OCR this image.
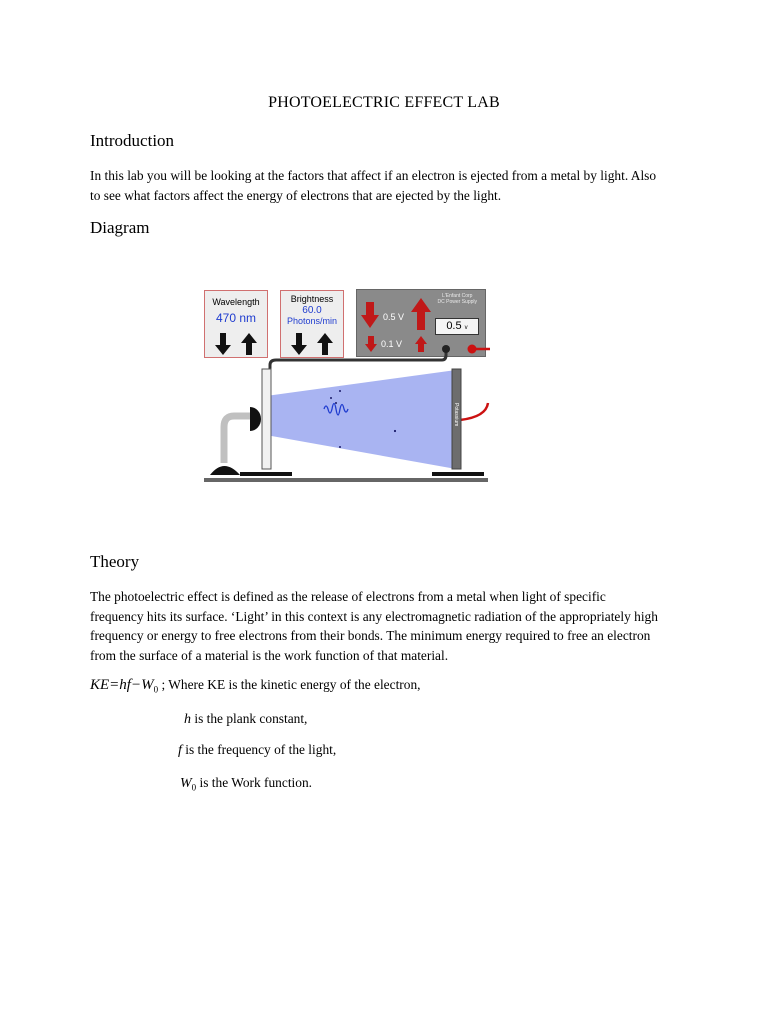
PHOTOELECTRIC EFFECT LAB
Introduction

In this lab you will be looking at the factors that affect if an electron is ejected from a metal by light. Also
to see what factors affect the energy of electrons that are ejected by the light.

Diagram
Wavelength
470 nm
Brightness
60.0
Photons/min
L'Enfant Corp
DC Power Supply
0.5 V
0.1 V
0.5 v
Potassium
Theory

The photoelectric effect is defined as the release of electrons from a metal when light of specific
frequency hits its surface. ‘Light’ in this context is any electromagnetic radiation of the appropriately high
frequency or energy to free electrons from their bonds. The minimum energy required to free an electron
from the surface of a material is the work function of that material.

$KE=hf-W_0$ ; Where KE is the kinetic energy of the electron,
h is the plank constant,
f is the frequency of the light,
$W_0$ is the Work function.
